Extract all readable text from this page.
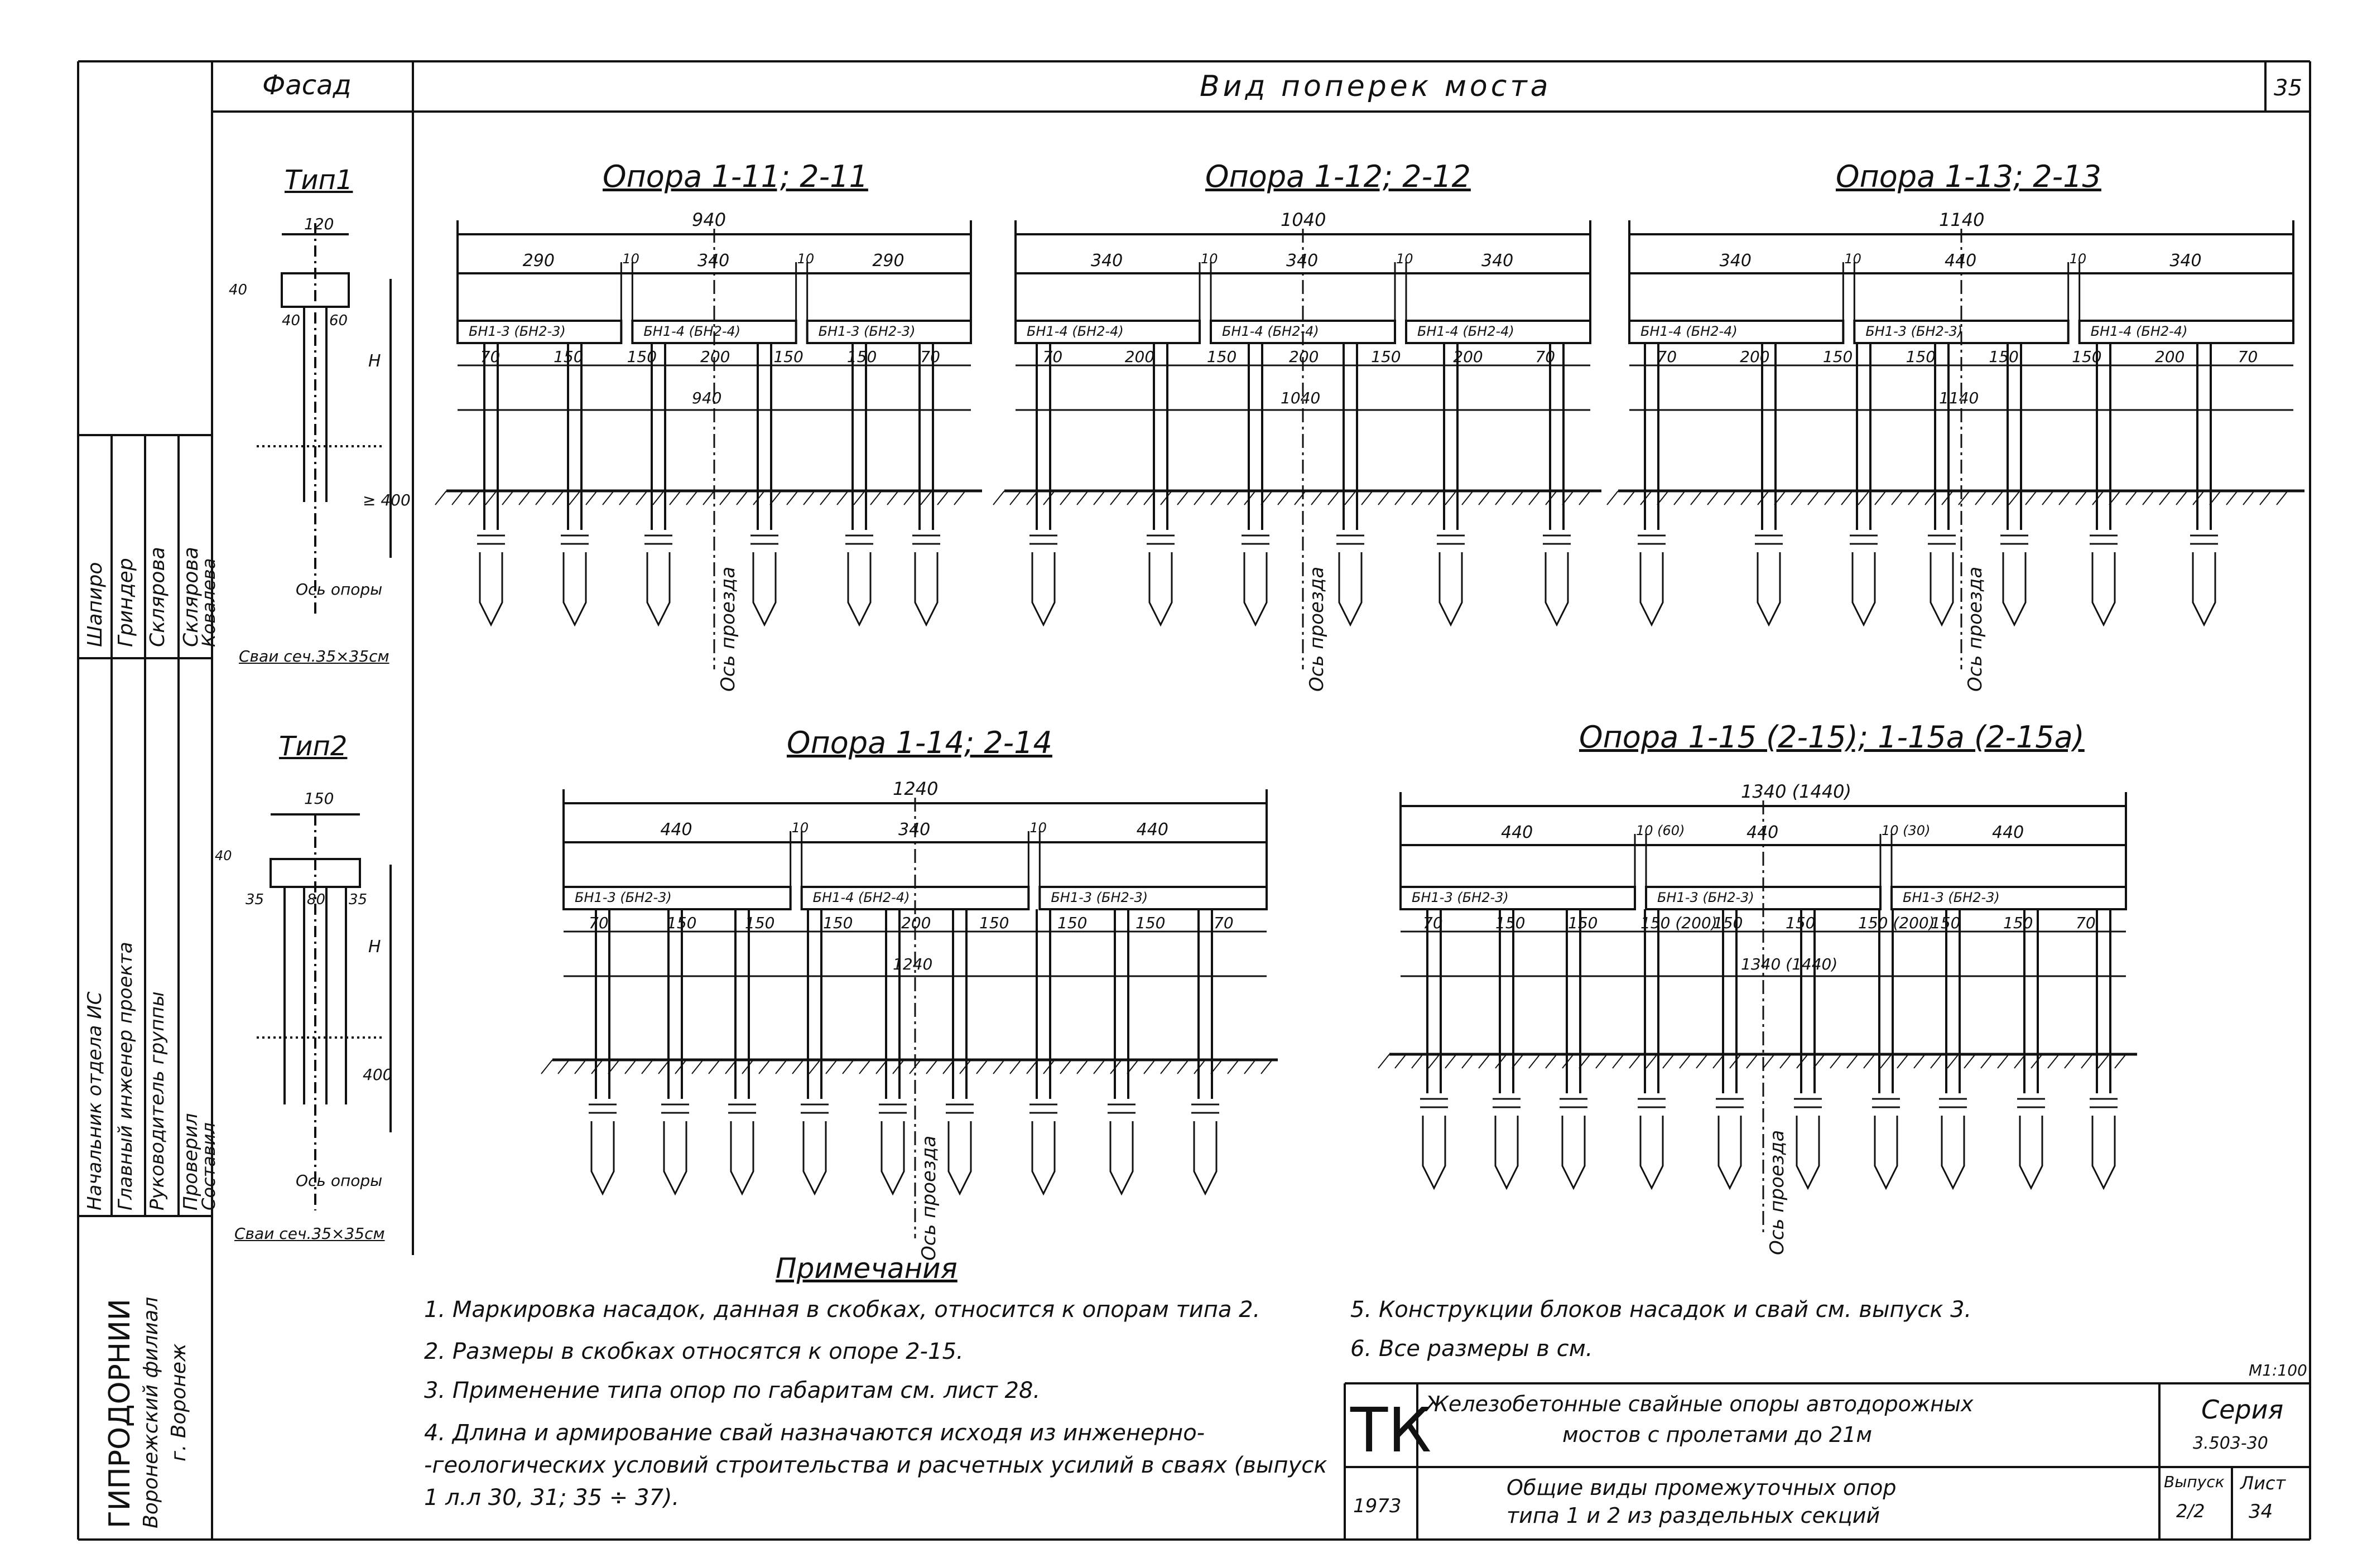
Фасад	Вид поперек моста	35
Тип1
120
40
40 60
H
≥ 400
Ось опоры
Сваи сеч.35×35см
Тип2
150
40
35	80 35
H
400
Ось опоры
Сваи сеч.35×35см
Опора 1-11; 2-11
940
290	10	340	10	290
БН1-3 (БН2-3)	БН1-4 (БН2-4)	БН1-3 (БН2-3)
70	150	150	200	150	150	70
940
Ось проезда
Опора 1-12; 2-12
1040
340	10	340	10	340
БН1-4 (БН2-4)	БН1-4 (БН2-4)	БН1-4 (БН2-4)
70	200	150	200	150	200	70
1040
Ось проезда
Опора 1-13; 2-13
1140
340	10	440	10	340
БН1-4 (БН2-4)	БН1-3 (БН2-3)	БН1-4 (БН2-4)
70	200	150	150	150	150	200	70
1140
Ось проезда
Опора 1-14; 2-14
1240
440	10	340	10	440
БН1-3 (БН2-3)	БН1-4 (БН2-4)	БН1-3 (БН2-3)
70	150	150	150	200	150	150	150	70
1240
Ось проезда
Опора 1-15 (2-15); 1-15а (2-15а)
1340 (1440)
440	10 (60)	440	10 (30)	440
БН1-3 (БН2-3)	БН1-3 (БН2-3)	БН1-3 (БН2-3)
70	150	150	150 (200)
150	150	150 (200)
150	150	70
1340 (1440)
Ось проезда
Примечания
1. Маркировка насадок, данная в скобках, относится к опорам типа 2.
2. Размеры в скобках относятся к опоре 2-15.
3. Применение типа опор по габаритам см. лист 28.
4. Длина и армирование свай назначаются исходя из инженерно- -геологических условий строительства и расчетных усилий в сваях (выпуск 1 л.л 30, 31; 35 ÷ 37).
5. Конструкции блоков насадок и свай см. выпуск 3.
6. Все размеры в см.
М1:100
ТК
1973
Железобетонные свайные опоры автодорожных
мостов с пролетами до 21м
Общие виды промежуточных опор
типа 1 и 2 из раздельных секций
Серия
3.503-30
Выпуск
2/2
Лист
34
ГИПРОДОРНИИ Воронежский филиал г. Воронеж
Начальник отдела ИС Главный инженер проекта Руководитель группы Проверил
Составил
Шапиро Гриндер Склярова Склярова
Ковалева
